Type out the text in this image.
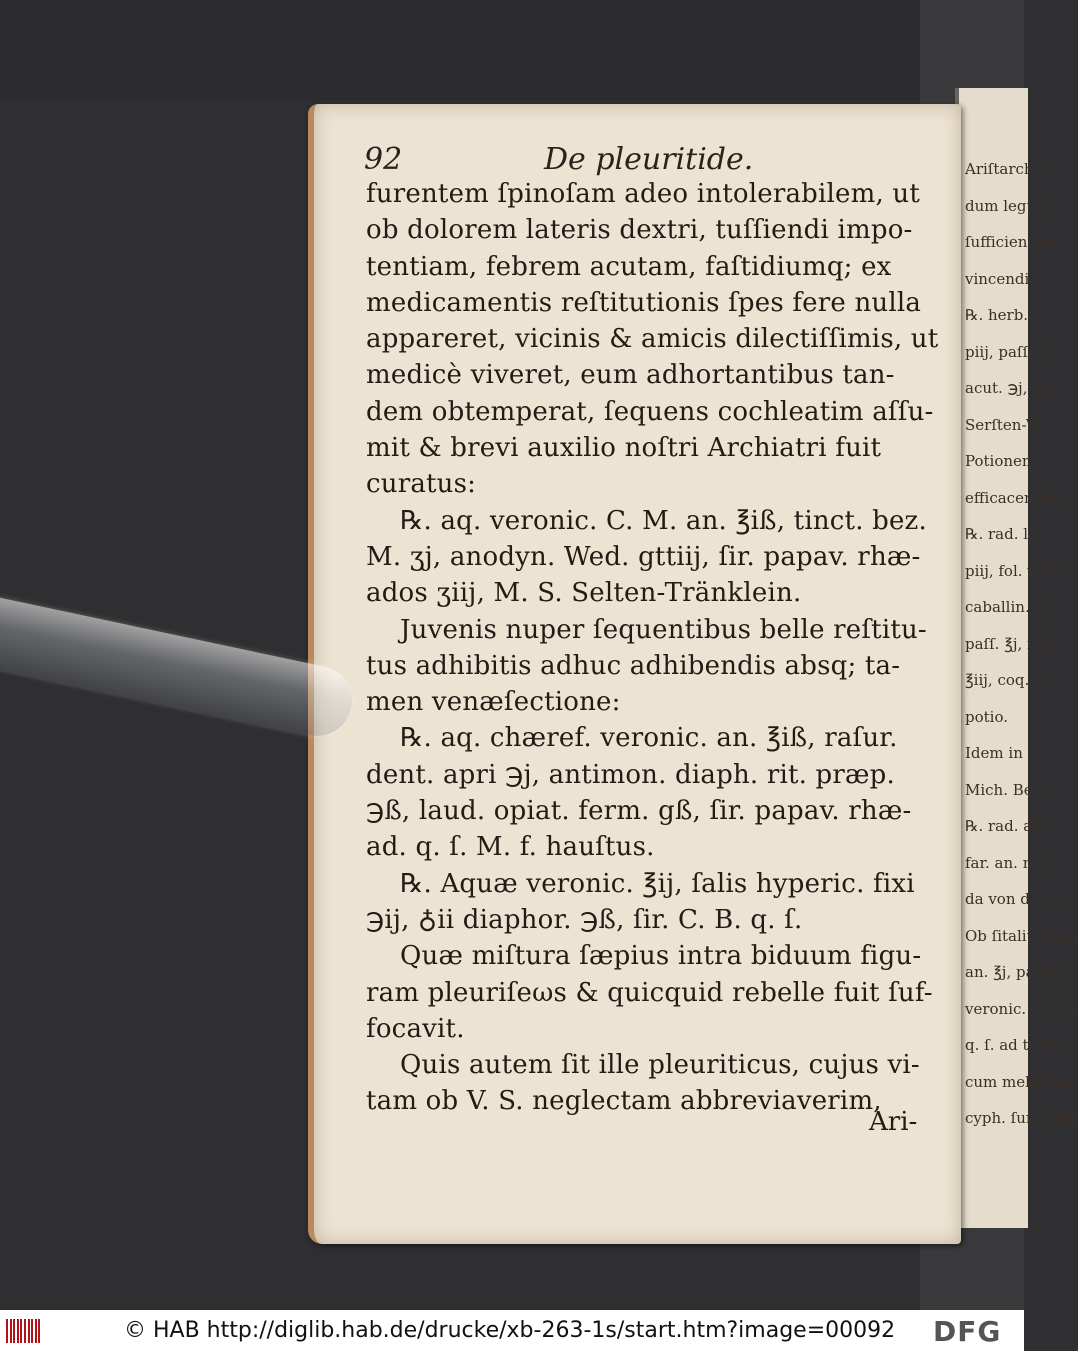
Ariſtarchu
dum legun
ſufficientem
vincendi.
℞. herb.
piij, paſſul.
acut. ℈j, inc
Serſten-W
Potionem
efficacem de
℞. rad. la
piij, fol. vero
caballin. mj
paſſ. ℥j, rad.
℥iij, coq. c
potio.
Idem in
Mich. Beck
℞. rad. alt
far. an. miß
da von der Li
Ob ſitalitroſum
an. ℥j, paſſul.
veronic. an. mj
q. ſ. ad tertia
cum melle far
cyph. ſumendu
92	De pleuritide.
furentem ſpinoſam adeo intolerabilem, ut
ob dolorem lateris dextri, tuſſiendi impo-
tentiam, febrem acutam, faſtidiumq; ex
medicamentis reſtitutionis ſpes fere nulla
appareret, vicinis & amicis dilectiſſimis, ut
medicè viveret, eum adhortantibus tan-
dem obtemperat, ſequens cochleatim aſſu-
mit & brevi auxilio noſtri Archiatri fuit
curatus:
℞. aq. veronic. C. M. an. ℥iß, tinct. bez.
M. ʒj, anodyn. Wed. gttiij, ſir. papav. rhæ-
ados ʒiij, M. S. Selten-Tränklein.
Juvenis nuper ſequentibus belle reſtitu-
tus adhibitis adhuc adhibendis absq; ta-
men venæſectione:
℞. aq. chæref. veronic. an. ℥iß, raſur.
dent. apri ℈j, antimon. diaph. rit. præp.
℈ß, laud. opiat. ferm. gß, ſir. papav. rhæ-
ad. q. ſ. M. f. hauſtus.
℞. Aquæ veronic. ℥ij, ſalis hyperic. fixi
℈ij, ♁ii diaphor. ℈ß, ſir. C. B. q. ſ.
Quæ miſtura ſæpius intra biduum figu-
ram pleuriſeωs & quicquid rebelle fuit ſuf-
focavit.
Quis autem ſit ille pleuriticus, cujus vi-
tam ob V. S. neglectam abbreviaverim,
Ari-
© HAB http://diglib.hab.de/drucke/xb-263-1s/start.htm?image=00092 DFG
